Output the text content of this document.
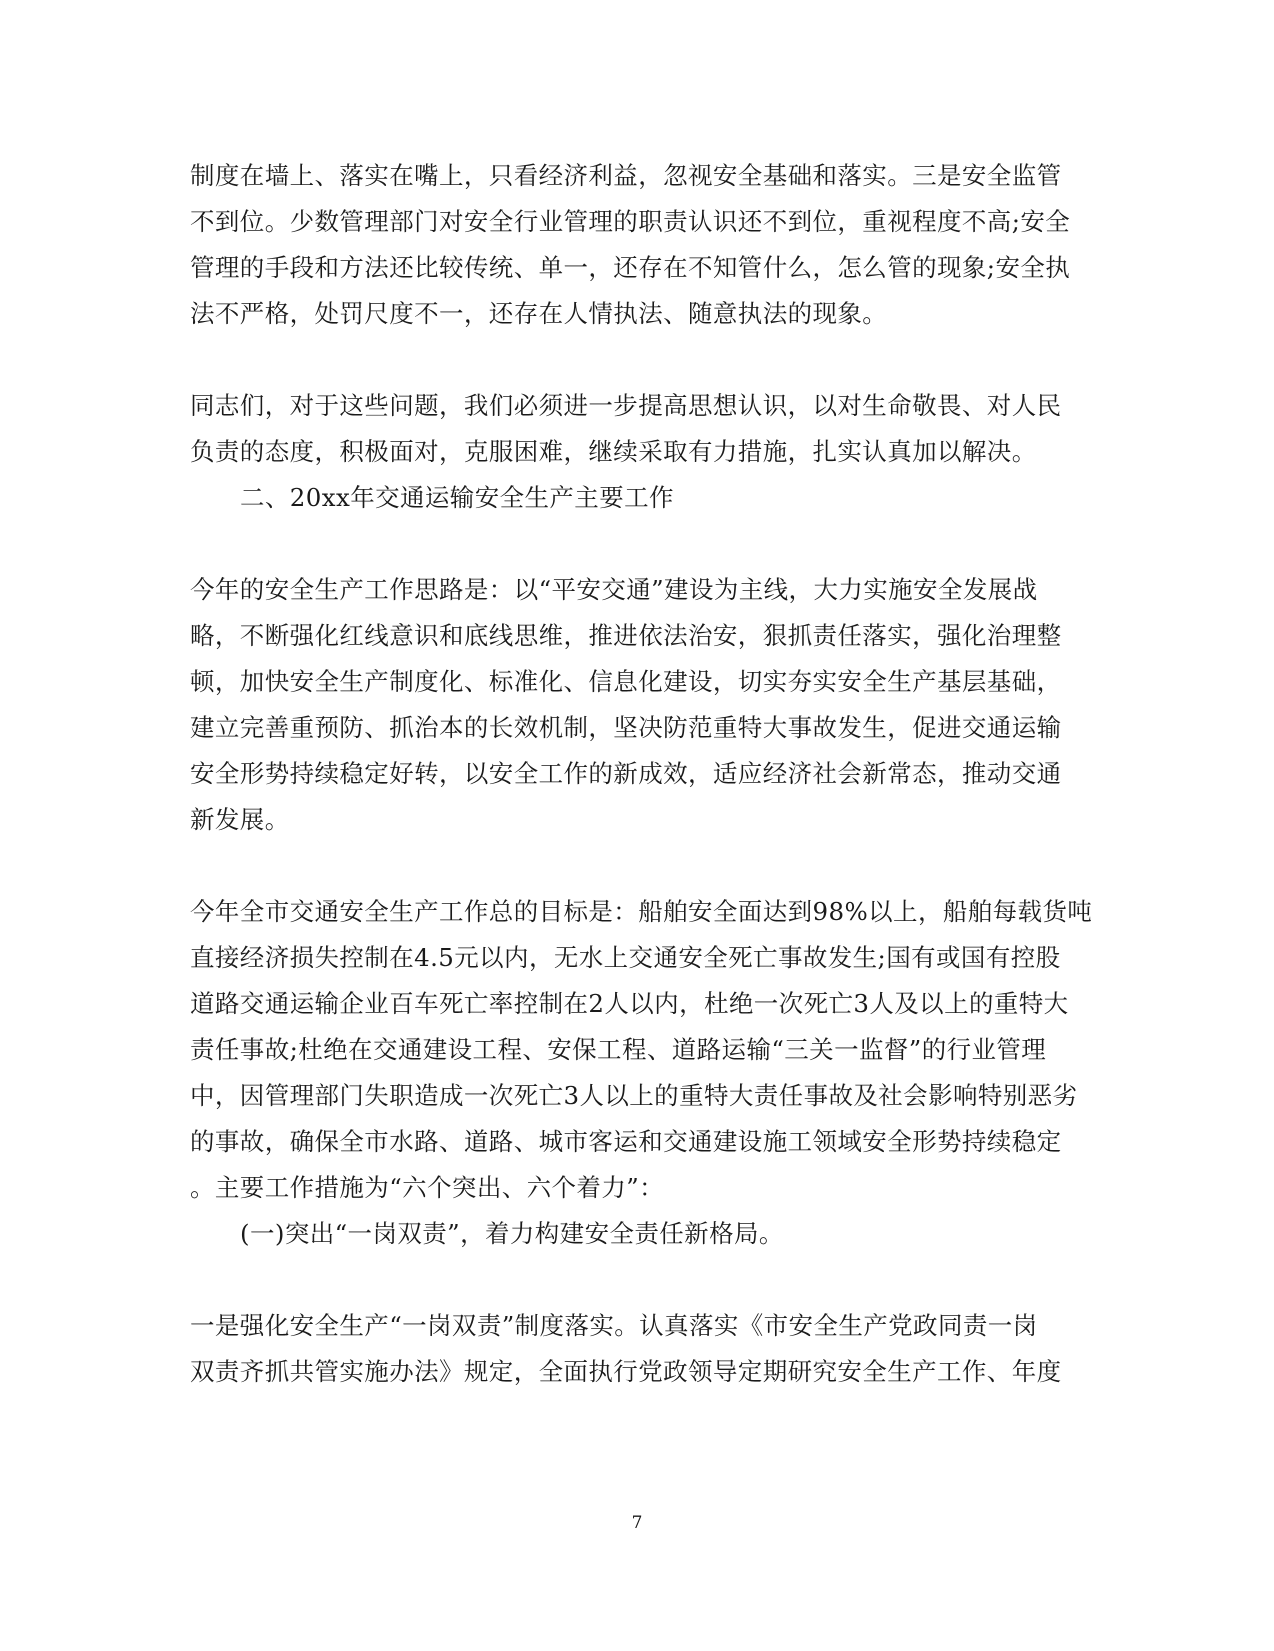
制度在墙上、落实在嘴上，只看经济利益，忽视安全基础和落实。三是安全监管
不到位。少数管理部门对安全行业管理的职责认识还不到位，重视程度不高;安全
管理的手段和方法还比较传统、单一，还存在不知管什么，怎么管的现象;安全执
法不严格，处罚尺度不一，还存在人情执法、随意执法的现象。
同志们，对于这些问题，我们必须进一步提高思想认识，以对生命敬畏、对人民
负责的态度，积极面对，克服困难，继续采取有力措施，扎实认真加以解决。
二、20xx年交通运输安全生产主要工作
今年的安全生产工作思路是：以“平安交通”建设为主线，大力实施安全发展战
略，不断强化红线意识和底线思维，推进依法治安，狠抓责任落实，强化治理整
顿，加快安全生产制度化、标准化、信息化建设，切实夯实安全生产基层基础，
建立完善重预防、抓治本的长效机制，坚决防范重特大事故发生，促进交通运输
安全形势持续稳定好转，以安全工作的新成效，适应经济社会新常态，推动交通
新发展。
今年全市交通安全生产工作总的目标是：船舶安全面达到98%以上，船舶每载货吨
直接经济损失控制在4.5元以内，无水上交通安全死亡事故发生;国有或国有控股
道路交通运输企业百车死亡率控制在2人以内，杜绝一次死亡3人及以上的重特大
责任事故;杜绝在交通建设工程、安保工程、道路运输“三关一监督”的行业管理
中，因管理部门失职造成一次死亡3人以上的重特大责任事故及社会影响特别恶劣
的事故，确保全市水路、道路、城市客运和交通建设施工领域安全形势持续稳定
。主要工作措施为“六个突出、六个着力”：
(一)突出“一岗双责”，着力构建安全责任新格局。
一是强化安全生产“一岗双责”制度落实。认真落实《市安全生产党政同责一岗
双责齐抓共管实施办法》规定，全面执行党政领导定期研究安全生产工作、年度
7
